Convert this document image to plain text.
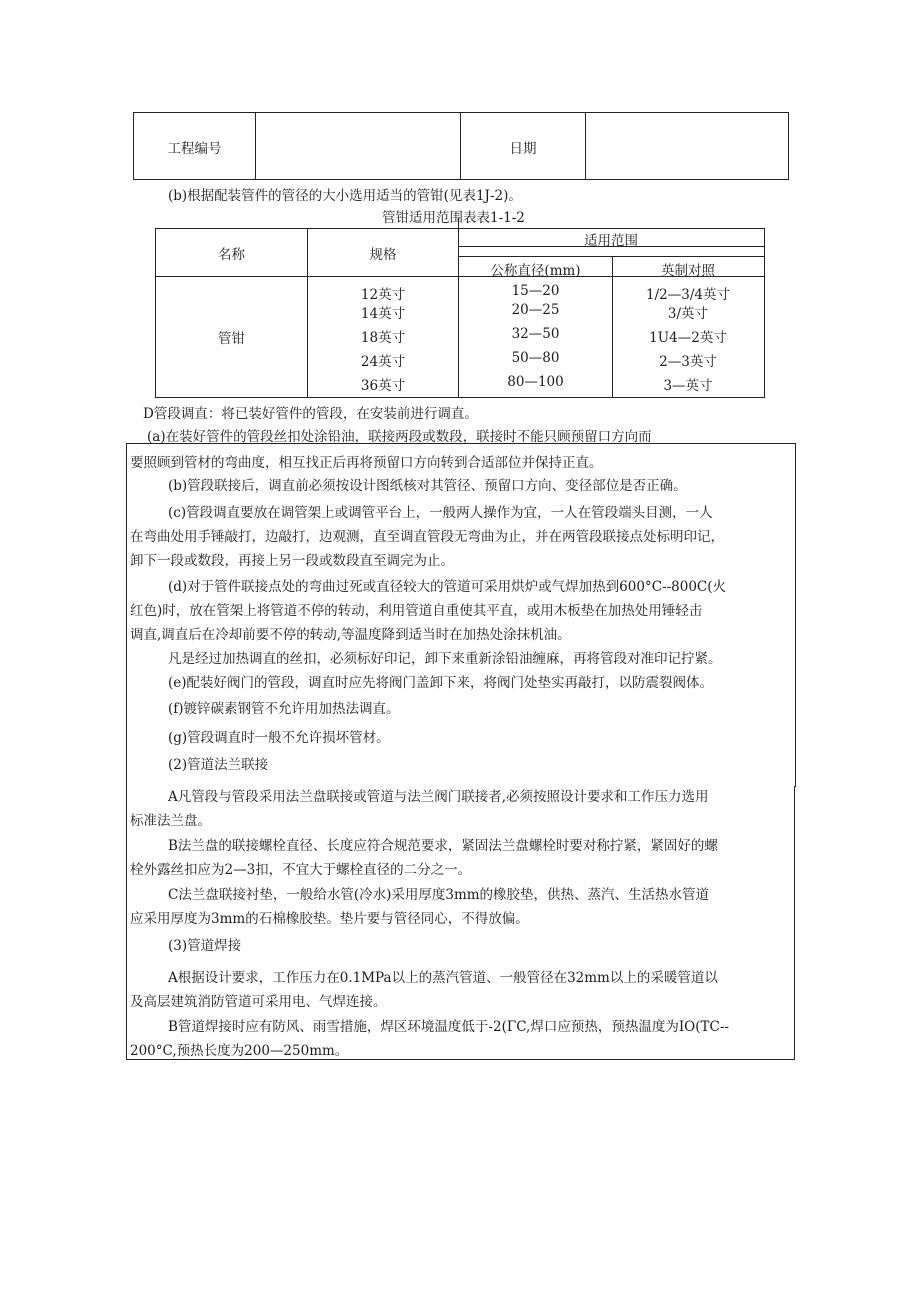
工程编号	日期
(b)根据配装管件的管径的大小选用适当的管钳(见表1J-2)。
管钳适用范围表表1-1-2
名称	规格
适用范围
公称直径(mm)	英制对照
管钳
12英寸	15—20	1/2—3/4英寸
14英寸	20—25	3/英寸
18英寸	32—50	1U4—2英寸
24英寸	50—80	2—3英寸
36英寸	80—100	3—英寸
D管段调直：将已装好管件的管段，在安装前进行调直。
(a)在装好管件的管段丝扣处涂铅油，联接两段或数段，联接时不能只顾预留口方向而
要照顾到管材的弯曲度，相互找正后再将预留口方向转到合适部位并保持正直。
(b)管段联接后，调直前必须按设计图纸核对其管径、预留口方向、变径部位是否正确。
(c)管段调直要放在调管架上或调管平台上，一般两人操作为宜，一人在管段端头目测，一人
在弯曲处用手锤敲打，边敲打，边观测，直至调直管段无弯曲为止，并在两管段联接点处标明印记，
卸下一段或数段，再接上另一段或数段直至调完为止。
(d)对于管件联接点处的弯曲过死或直径较大的管道可采用烘炉或气焊加热到600°C--800C(火
红色)时，放在管架上将管道不停的转动，利用管道自重使其平直，或用木板垫在加热处用锤轻击
调直,调直后在冷却前要不停的转动,等温度降到适当时在加热处涂抹机油。
凡是经过加热调直的丝扣，必须标好印记，卸下来重新涂铅油缠麻，再将管段对准印记拧紧。
(e)配装好阀门的管段，调直时应先将阀门盖卸下来，将阀门处垫实再敲打，以防震裂阀体。
(f)镀锌碳素钢管不允许用加热法调直。
(g)管段调直时一般不允许损坏管材。
(2)管道法兰联接
A凡管段与管段采用法兰盘联接或管道与法兰阀门联接者,必须按照设计要求和工作压力选用
标准法兰盘。
B法兰盘的联接螺栓直径、长度应符合规范要求，紧固法兰盘螺栓时要对称拧紧，紧固好的螺
栓外露丝扣应为2—3扣，不宜大于螺栓直径的二分之一。
C法兰盘联接衬垫，一般给水管(冷水)采用厚度3mm的橡胶垫，供热、蒸汽、生活热水管道
应采用厚度为3mm的石棉橡胶垫。垫片要与管径同心，不得放偏。
(3)管道焊接
A根据设计要求，工作压力在0.1MPa以上的蒸汽管道、一般管径在32mm以上的采暖管道以
及高层建筑消防管道可采用电、气焊连接。
B管道焊接时应有防风、雨雪措施，焊区环境温度低于-2(ΓC,焊口应预热，预热温度为IO(TC--
200°C,预热长度为200—250mm。
